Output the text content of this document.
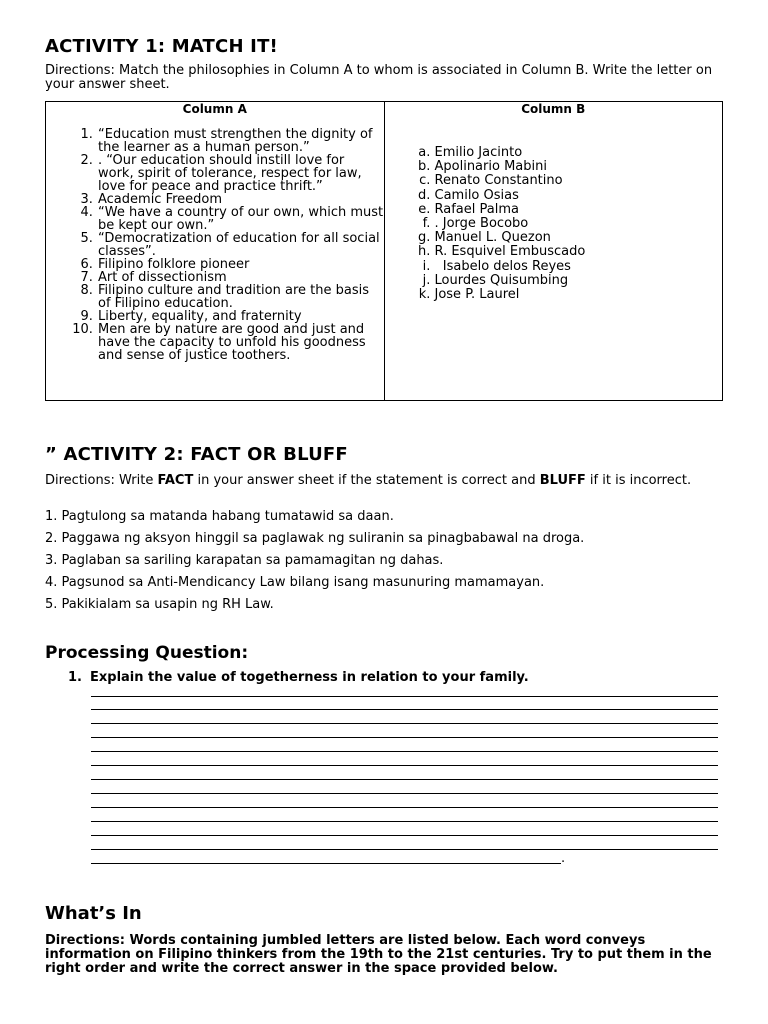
ACTIVITY 1: MATCH IT!

Directions: Match the philosophies in Column A to whom is associated in Column B. Write the letter on your answer sheet.

Column A
1. “Education must strengthen the dignity of the learner as a human person.”
2. . “Our education should instill love for work, spirit of tolerance, respect for law, love for peace and practice thrift.”
3. Academic Freedom
4. “We have a country of our own, which must be kept our own.”
5. “Democratization of education for all social classes”.
6. Filipino folklore pioneer
7. Art of dissectionism
8. Filipino culture and tradition are the basis of Filipino education.
9. Liberty, equality, and fraternity
10. Men are by nature are good and just and have the capacity to unfold his goodness and sense of justice toothers.

Column B
a. Emilio Jacinto
b. Apolinario Mabini
c. Renato Constantino
d. Camilo Osias
e. Rafael Palma
f. . Jorge Bocobo
g. Manuel L. Quezon
h. R. Esquivel Embuscado
i.   Isabelo delos Reyes
j. Lourdes Quisumbing
k. Jose P. Laurel
” ACTIVITY 2: FACT OR BLUFF

Directions: Write FACT in your answer sheet if the statement is correct and BLUFF if it is incorrect.

1. Pagtulong sa matanda habang tumatawid sa daan.

2. Paggawa ng aksyon hinggil sa paglawak ng suliranin sa pinagbabawal na droga.

3. Paglaban sa sariling karapatan sa pamamagitan ng dahas.

4. Pagsunod sa Anti-Mendicancy Law bilang isang masunuring mamamayan.

5. Pakikialam sa usapin ng RH Law.

Processing Question:

1. Explain the value of togetherness in relation to your family.

What’s In

Directions: Words containing jumbled letters are listed below. Each word conveys information on Filipino thinkers from the 19th to the 21st centuries. Try to put them in the right order and write the correct answer in the space provided below.

.
